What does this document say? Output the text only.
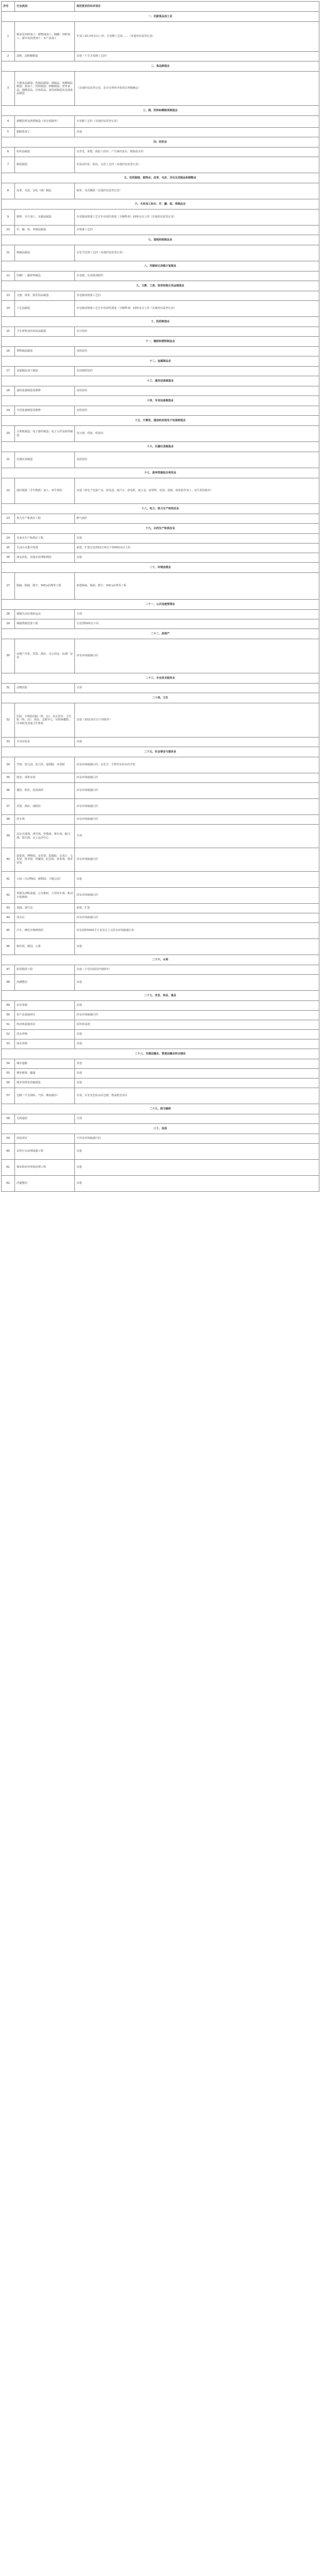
序号	行业类别	规范要求的环评项目
一、农副食品加工业		
1	粮食及饲料加工；植物油加工；制糖；饲料加工；屠宰及肉类加工；水产品加工	年加工25万吨及以上的；有发酵工艺的……（其他的仅需登记表）
2	淀粉、淀粉糖制造	其他（不含含发酵工艺的）
二、食品制造业		
3	方便食品制造；乳制品制造；调味品、发酵制品制造；盐加工；饮料制造；酒精制造；营养食品、保健食品、冷冻饮品、食用冰制造及其他食品制造	（其他的仅需登记表，是否办理环评视项目规模确定）
三、酒、饮料和精制茶制造业		
4	酒精饮料及酒类制造（仅分装除外）	有发酵工艺的（其他的仅需登记表）
5	精制茶加工	其他
四、纺织业		
6	纺织品制造	有洗毛、染整、脱胶工段的；产生缫丝废水、精炼废水的
7	服装制造	有湿法印花、染色、水洗工艺的（其他的仅需登记表）
五、纺织服装、服饰业；皮革、毛皮、羽毛及其制品和制鞋业		
8	皮革、毛皮、羽毛（绒）制品	制革、毛皮鞣制（其他的仅需登记表）
六、木材加工和木、竹、藤、棕、草制品业		
9	锯材、木片加工、木制品制造	有电镀或喷漆工艺且年用油性漆量（含稀释剂）10吨及以上的（其他的仅需登记表）
10	竹、藤、棕、草制品制造	有喷漆工艺的
七、造纸和纸制品业		
11	纸制品制造	有化学处理工艺的（其他的仅需登记表）
八、印刷和记录媒介复制业		
12	印刷厂；磁材料制品	有电镀、有油墨调配的
九、文教、工美、体育和娱乐用品制造业		
13	文教、体育、娱乐用品制造	有电镀或喷漆工艺的
14	工艺品制造	有电镀或喷漆工艺且年用油性漆量（含稀释剂）10吨及以上的（其他的仅需登记表）
十、医药制造业		
15	卫生材料及医药用品制造	仅分装的
十一、橡胶和塑料制品业		
16	塑料制品制造	仅组装的
十二、金属制品业		
17	金属制品加工制造	仅切割组装的
十三、通用设备制造业		
18	通用设备制造及维修	仅组装的
十四、专用设备制造业		
19	专用设备制造及维修	仅组装的
十五、计算机、通信和其他电子设备制造业		
20	计算机制造；电子器件制造；电子元件及组件制造	仅分割、焊接、组装的
十六、仪器仪表制造业		
21	仪器仪表制造	仅组装的
十七、废弃资源综合利用业		
22	废旧资源（含生物质）加工、再生利用	其他（废电子电器产品、废电池、废汽车、废电机、废五金、废塑料、废油、废船、废轮胎等加工、再生利用除外）
十八、电力、热力生产和供应业		
23	热力生产和供应工程	燃气锅炉
十九、水的生产和供应业		
24	自来水生产和供应工程	其他
25	生活污水集中处理	新建、扩建日处理10万吨以下500吨及以上的
26	海水淡化、其他水处理和利用	其他
二十、环境治理业		
27	脱硫、脱硝、除尘、VOCs治理等工程	新建脱硫、脱硝、除尘、VOCs治理等工程
二十一、公共设施管理业		
28	城镇生活垃圾转运站	全部
29	城镇粪便处置工程	日处理50吨以下的
二十二、房地产		
30	房地产开发、宾馆、酒店、办公用房、标准厂房等	涉及环境敏感区的
二十三、专业技术服务业		
31	动物医院	全部
二十四、卫生		
32	医院、专科防治院（所、站）、社区医疗、卫生院（所、站）、血站、急救中心、妇幼保健院、疗养院等其他卫生机构	其他（20张床位以下的除外）
33	专业实验室	其他
二十五、社会事业与服务业		
34	学校、幼儿园、托儿所、福利院、养老院	涉及环境敏感区的；有化学、生物等实验室的学校
35	批发、零售市场	涉及环境敏感区的
36	餐饮、娱乐、洗浴场所	涉及环境敏感区的
37	宾馆、酒店、度假村	涉及环境敏感区的
38	洗车场	涉及环境敏感区的
39	高尔夫球场、滑雪场、狩猎场、赛车场、跑马场、射击场、水上运动中心	全部
40	展览馆、博物馆、美术馆、影剧院、音乐厅、文化馆、图书馆、档案馆、纪念馆、体育场、体育馆等	涉及环境敏感区的
41	公园（含动物园、植物园、主题公园）	其他
42	驾驶员训练基地、公交枢纽、大型停车场、机动车检测场	涉及环境敏感区的
43	加油、加气站	新建、扩建
44	洗衣店	涉及环境敏感区的
45	汽车、摩托车维修场所	营业面积5000平方米及以上且涉及环境敏感区的
46	殡仪馆、陵园、公墓	其他
二十六、水利		
47	防洪除涝工程	其他（小型沟渠的护坡除外）
48	河湖整治	其他
二十七、农业、林业、渔业		
49	农业垦殖	其他
50	农产品基地项目	涉及环境敏感区的
51	经济林基地项目	原料林基地
52	淡水养殖	其他
53	海水养殖	其他
二十八、交通运输业、管道运输业和仓储业		
54	城市道路	其他
55	城市桥梁、隧道	其他
56	城市管网及管廊建设	其他
57	仓储（不含油库、气库、煤炭储存）	有毒、有害及危险品的仓储、物流配送项目
二十九、核与辐射		
58	无线通讯	全部
三十、其他		
59	改装项目	不涉及环境敏感区的
60	农村污水处理设施工程	其他
61	城市和乡村环境治理工程	其他
62	河道整治	其他
